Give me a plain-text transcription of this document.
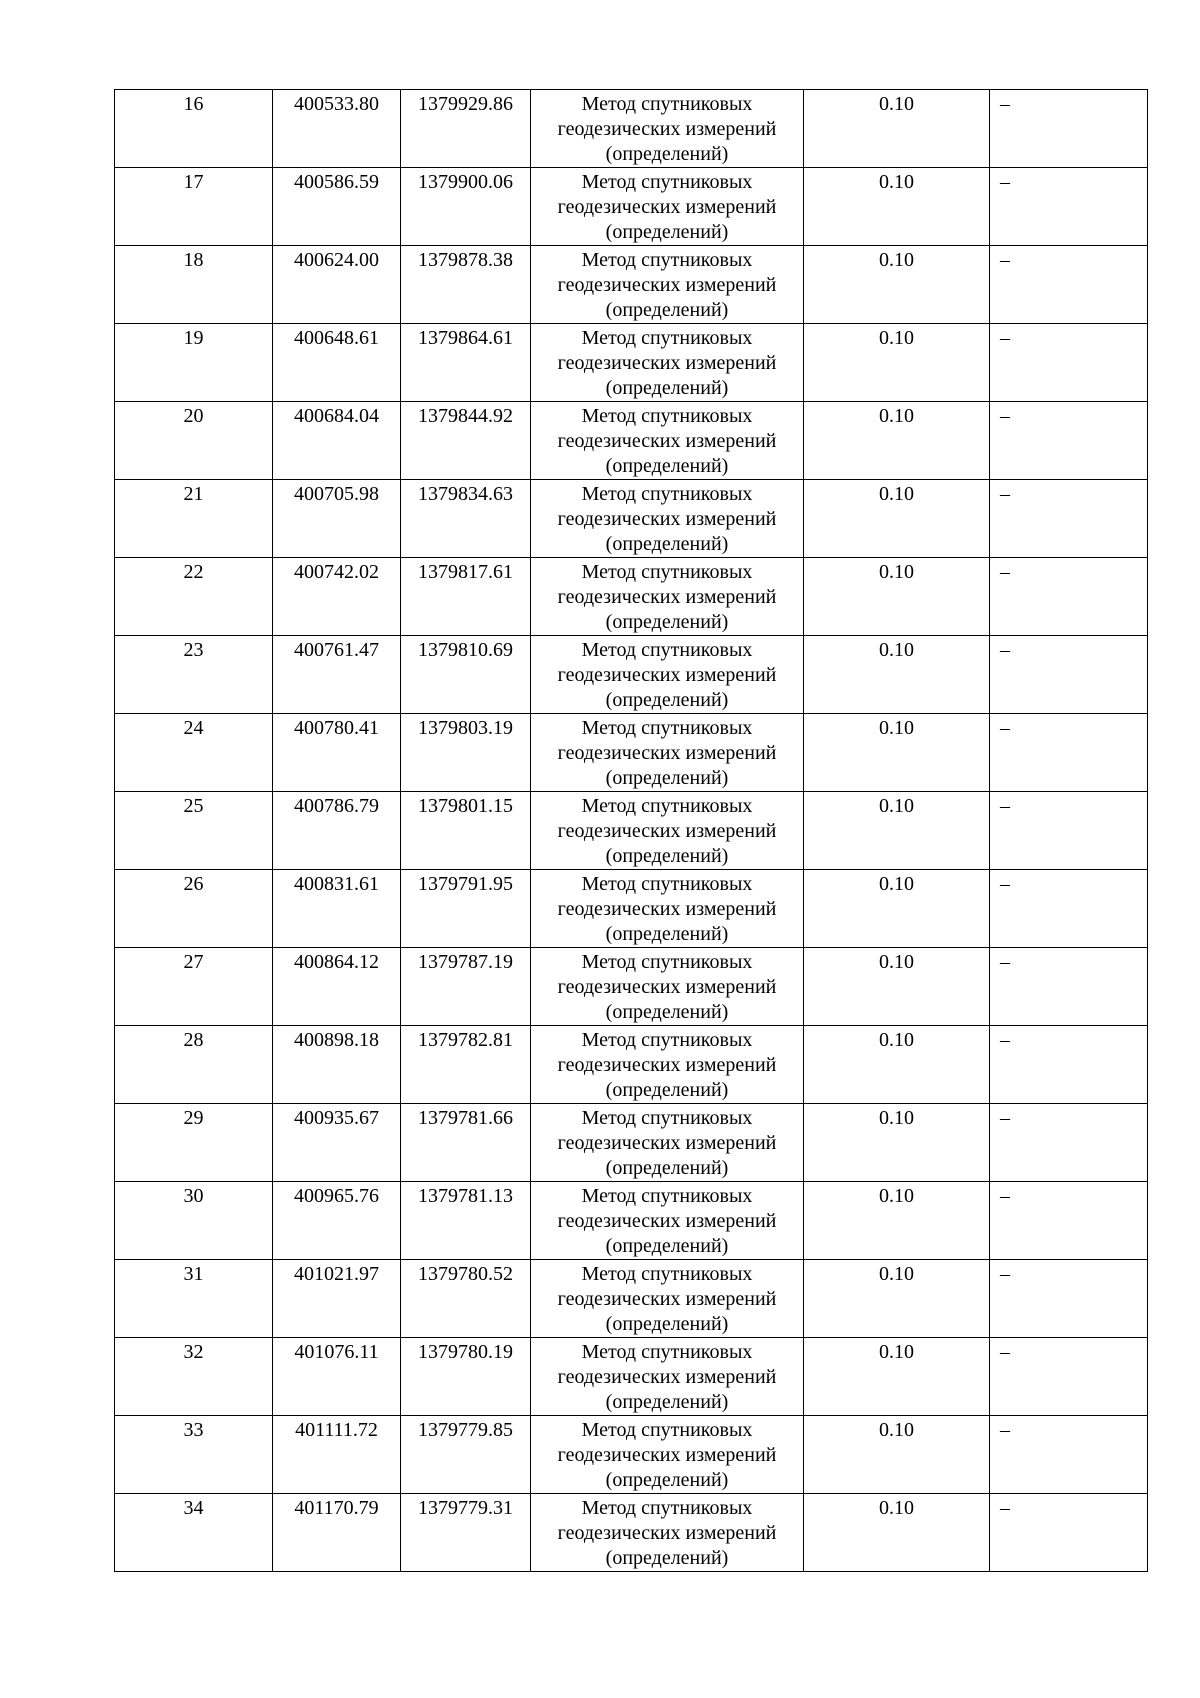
16	400533.80	1379929.86	Метод спутниковых
геодезических измерений
(определений)	0.10	–
17	400586.59	1379900.06	Метод спутниковых
геодезических измерений
(определений)	0.10	–
18	400624.00	1379878.38	Метод спутниковых
геодезических измерений
(определений)	0.10	–
19	400648.61	1379864.61	Метод спутниковых
геодезических измерений
(определений)	0.10	–
20	400684.04	1379844.92	Метод спутниковых
геодезических измерений
(определений)	0.10	–
21	400705.98	1379834.63	Метод спутниковых
геодезических измерений
(определений)	0.10	–
22	400742.02	1379817.61	Метод спутниковых
геодезических измерений
(определений)	0.10	–
23	400761.47	1379810.69	Метод спутниковых
геодезических измерений
(определений)	0.10	–
24	400780.41	1379803.19	Метод спутниковых
геодезических измерений
(определений)	0.10	–
25	400786.79	1379801.15	Метод спутниковых
геодезических измерений
(определений)	0.10	–
26	400831.61	1379791.95	Метод спутниковых
геодезических измерений
(определений)	0.10	–
27	400864.12	1379787.19	Метод спутниковых
геодезических измерений
(определений)	0.10	–
28	400898.18	1379782.81	Метод спутниковых
геодезических измерений
(определений)	0.10	–
29	400935.67	1379781.66	Метод спутниковых
геодезических измерений
(определений)	0.10	–
30	400965.76	1379781.13	Метод спутниковых
геодезических измерений
(определений)	0.10	–
31	401021.97	1379780.52	Метод спутниковых
геодезических измерений
(определений)	0.10	–
32	401076.11	1379780.19	Метод спутниковых
геодезических измерений
(определений)	0.10	–
33	401111.72	1379779.85	Метод спутниковых
геодезических измерений
(определений)	0.10	–
34	401170.79	1379779.31	Метод спутниковых
геодезических измерений
(определений)	0.10	–
